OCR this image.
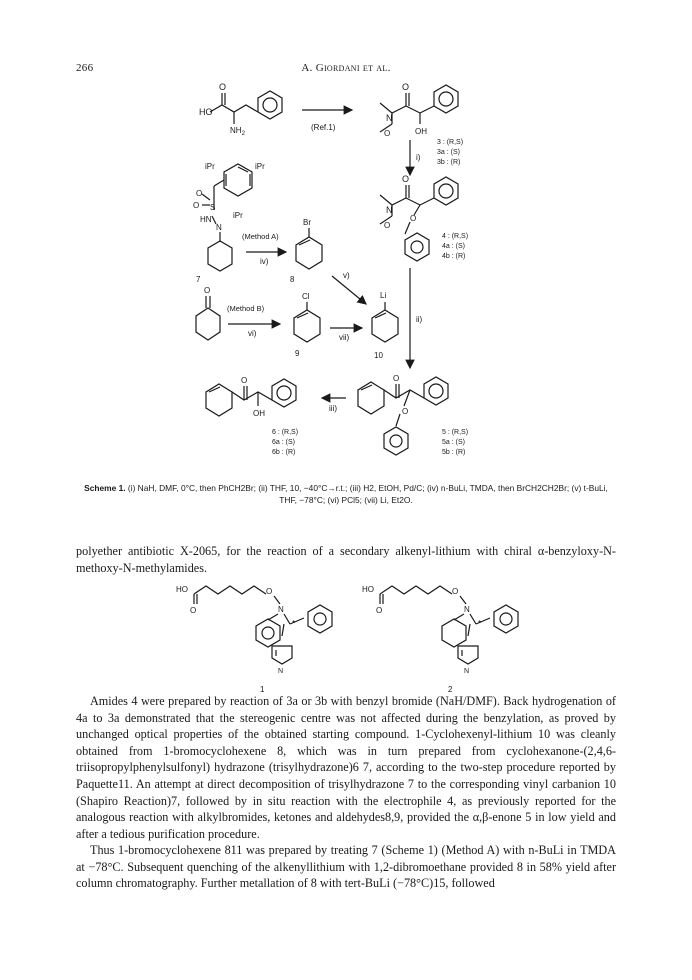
266	A. Giordani et al.
HO
O
$NH_2$
(Ref.1)
N
O
O	OH
3 : (R,S)
3a : (S)
3b : (R)
i)
N
O
O
O
4 : (R,S)
4a : (S)
4b : (R)
iPr	iPr
iPr
O
O S
HN
N
7
(Method A)
iv)
Br
8	v)
O
(Method B)
vi)
Cl
9
vii)
Li
10
ii)
O
O
5 : (R,S)
5a : (S)
5b : (R)
iii)
O
OH
6 : (R,S)
6a : (S)
6b : (R)
HO
O
O
N
*
N
1
HO
O
O
N
*
N
2
Scheme 1. (i) NaH, DMF, 0°C, then PhCH2Br; (ii) THF, 10, −40°C→r.t.; (iii) H2, EtOH, Pd/C; (iv) n-BuLi, TMDA, then BrCH2CH2Br; (v) t-BuLi, THF, −78°C; (vi) PCl5; (vii) Li, Et2O.

polyether antibiotic X-2065, for the reaction of a secondary alkenyl-lithium with chiral α-benzyloxy-N-methoxy-N-methylamides.

Amides 4 were prepared by reaction of 3a or 3b with benzyl bromide (NaH/DMF). Back hydrogenation of 4a to 3a demonstrated that the stereogenic centre was not affected during the benzylation, as proved by unchanged optical properties of the obtained starting compound. 1-Cyclohexenyl-lithium 10 was cleanly obtained from 1-bromocyclohexene 8, which was in turn prepared from cyclohexanone-(2,4,6-triisopropylphenylsulfonyl) hydrazone (trisylhydrazone)6 7, according to the two-step procedure reported by Paquette11. An attempt at direct decomposition of trisylhydrazone 7 to the corresponding vinyl carbanion 10 (Shapiro Reaction)7, followed by in situ reaction with the electrophile 4, as previously reported for the analogous reaction with alkylbromides, ketones and aldehydes8,9, provided the α,β-enone 5 in low yield and after a tedious purification procedure.

Thus 1-bromocyclohexene 811 was prepared by treating 7 (Scheme 1) (Method A) with n-BuLi in TMDA at −78°C. Subsequent quenching of the alkenyllithium with 1,2-dibromoethane provided 8 in 58% yield after column chromatography. Further metallation of 8 with tert-BuLi (−78°C)15, followed
